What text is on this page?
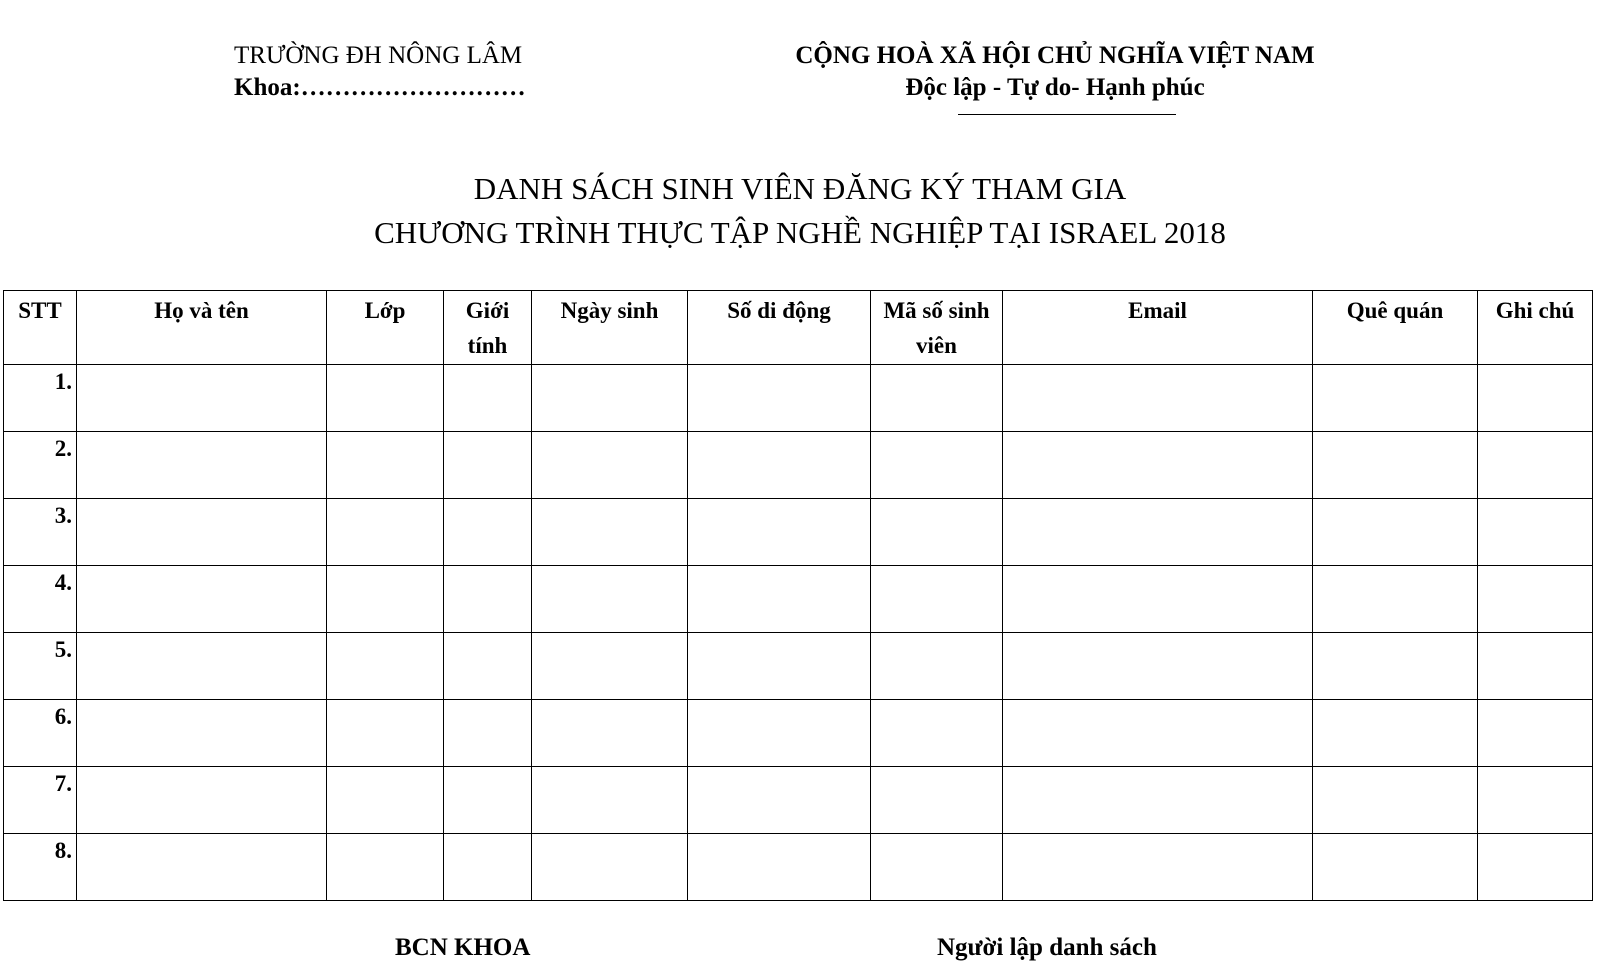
TRƯỜNG ĐH NÔNG LÂM
Khoa:………………………
CỘNG HOÀ XÃ HỘI CHỦ NGHĨA VIỆT NAM
Độc lập - Tự do- Hạnh phúc
DANH SÁCH SINH VIÊN ĐĂNG KÝ THAM GIA
CHƯƠNG TRÌNH THỰC TẬP NGHỀ NGHIỆP TẠI ISRAEL 2018
STT	Họ và tên	Lớp	Giới tính	Ngày sinh	Số di động	Mã số sinh viên	Email	Quê quán	Ghi chú
1.									
2.									
3.									
4.									
5.									
6.									
7.									
8.									
BCN KHOA	Người lập danh sách
